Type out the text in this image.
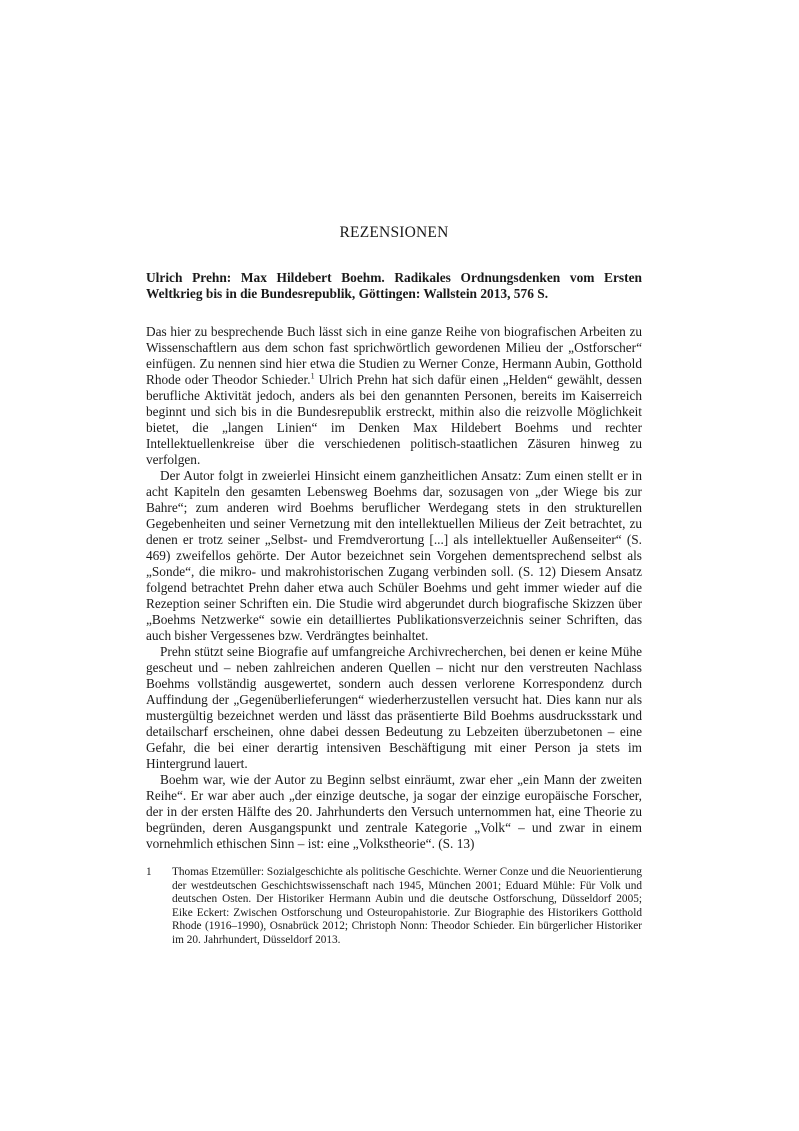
REZENSIONEN
Ulrich Prehn: Max Hildebert Boehm. Radikales Ordnungsdenken vom Ersten Weltkrieg bis in die Bundesrepublik, Göttingen: Wallstein 2013, 576 S.

Das hier zu besprechende Buch lässt sich in eine ganze Reihe von biografischen Arbeiten zu Wissenschaftlern aus dem schon fast sprichwörtlich gewordenen Milieu der „Ostforscher“ einfügen. Zu nennen sind hier etwa die Studien zu Werner Conze, Hermann Aubin, Gotthold Rhode oder Theodor Schieder.$^1$ Ulrich Prehn hat sich dafür einen „Helden“ gewählt, dessen berufliche Aktivität jedoch, anders als bei den genannten Personen, bereits im Kaiserreich beginnt und sich bis in die Bundesrepublik erstreckt, mithin also die reizvolle Möglichkeit bietet, die „langen Linien“ im Denken Max Hildebert Boehms und rechter Intellektuellenkreise über die verschiedenen politisch-staatlichen Zäsuren hinweg zu verfolgen.

Der Autor folgt in zweierlei Hinsicht einem ganzheitlichen Ansatz: Zum einen stellt er in acht Kapiteln den gesamten Lebensweg Boehms dar, sozusagen von „der Wiege bis zur Bahre“; zum anderen wird Boehms beruflicher Werdegang stets in den strukturellen Gegebenheiten und seiner Vernetzung mit den intellektuellen Milieus der Zeit betrachtet, zu denen er trotz seiner „Selbst- und Fremdverortung [...] als intellektueller Außenseiter“ (S. 469) zweifellos gehörte. Der Autor bezeichnet sein Vorgehen dementsprechend selbst als „Sonde“, die mikro- und makrohistorischen Zugang verbinden soll. (S. 12) Diesem Ansatz folgend betrachtet Prehn daher etwa auch Schüler Boehms und geht immer wieder auf die Rezeption seiner Schriften ein. Die Studie wird abgerundet durch biografische Skizzen über „Boehms Netzwerke“ sowie ein detailliertes Publikationsverzeichnis seiner Schriften, das auch bisher Vergessenes bzw. Verdrängtes beinhaltet.

Prehn stützt seine Biografie auf umfangreiche Archivrecherchen, bei denen er keine Mühe gescheut und – neben zahlreichen anderen Quellen – nicht nur den verstreuten Nachlass Boehms vollständig ausgewertet, sondern auch dessen verlorene Korrespondenz durch Auffindung der „Gegenüberlieferungen“ wiederherzustellen versucht hat. Dies kann nur als mustergültig bezeichnet werden und lässt das präsentierte Bild Boehms ausdrucksstark und detailscharf erscheinen, ohne dabei dessen Bedeutung zu Lebzeiten überzubetonen – eine Gefahr, die bei einer derartig intensiven Beschäftigung mit einer Person ja stets im Hintergrund lauert.

Boehm war, wie der Autor zu Beginn selbst einräumt, zwar eher „ein Mann der zweiten Reihe“. Er war aber auch „der einzige deutsche, ja sogar der einzige europäische Forscher, der in der ersten Hälfte des 20. Jahrhunderts den Versuch unternommen hat, eine Theorie zu begründen, deren Ausgangspunkt und zentrale Kategorie „Volk“ – und zwar in einem vornehmlich ethischen Sinn – ist: eine „Volkstheorie“. (S. 13)

1	Thomas Etzemüller: Sozialgeschichte als politische Geschichte. Werner Conze und die Neuorientierung der westdeutschen Geschichtswissenschaft nach 1945, München 2001; Eduard Mühle: Für Volk und deutschen Osten. Der Historiker Hermann Aubin und die deutsche Ostforschung, Düsseldorf 2005; Eike Eckert: Zwischen Ostforschung und Osteuropahistorie. Zur Biographie des Historikers Gotthold Rhode (1916–1990), Osnabrück 2012; Christoph Nonn: Theodor Schieder. Ein bürgerlicher Historiker im 20. Jahrhundert, Düsseldorf 2013.
